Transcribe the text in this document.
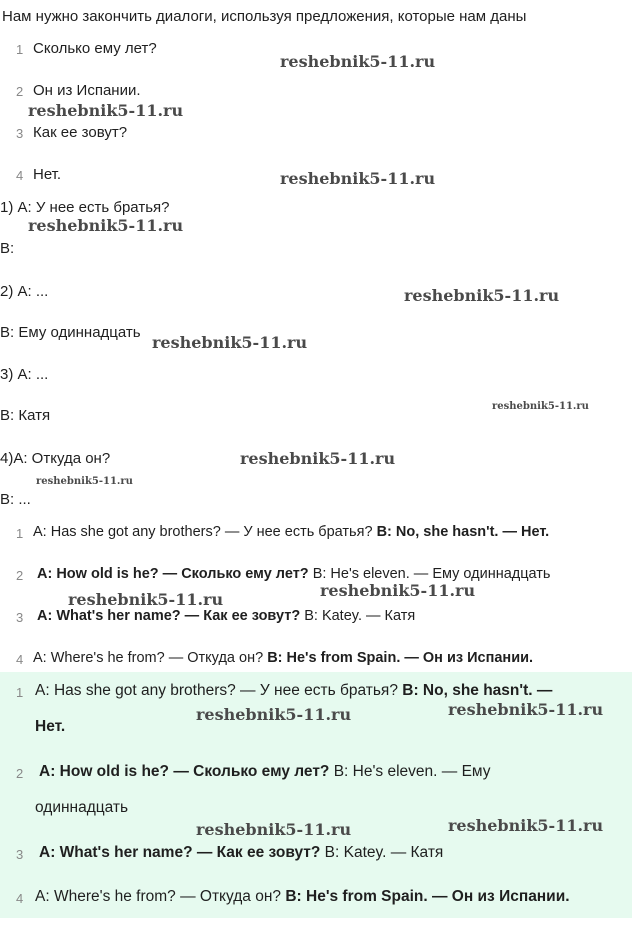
Нам нужно закончить диалоги, используя предложения, которые нам даны
1 Сколько ему лет?
2 Он из Испании.
3 Как ее зовут?
4 Нет.
1) А: У нее есть братья?
В:
2) А: ...
В: Ему одиннадцать
3) А: ...
В: Катя
4)А: Откуда он?
В: ...
1 A: Has she got any brothers? — У нее есть братья? B: No, she hasn't. — Нет.
2 A: How old is he? — Сколько ему лет? B: He's eleven. — Ему одиннадцать
3 A: What's her name? — Как ее зовут? B: Katey. — Катя
4 A: Where's he from? — Откуда он? B: He's from Spain. — Он из Испании.
1 A: Has she got any brothers? — У нее есть братья? B: No, she hasn't. —
Нет.
2	A: How old is he? — Сколько ему лет? B: He's eleven. — Ему
одиннадцать
3	A: What's her name? — Как ее зовут? B: Katey. — Катя
4 A: Where's he from? — Откуда он? B: He's from Spain. — Он из Испании.
reshebnik5-11.ru
reshebnik5-11.ru
reshebnik5-11.ru
reshebnik5-11.ru
reshebnik5-11.ru
reshebnik5-11.ru
reshebnik5-11.ru
reshebnik5-11.ru
reshebnik5-11.ru
reshebnik5-11.ru	reshebnik5-11.ru
reshebnik5-11.ru	reshebnik5-11.ru
reshebnik5-11.ru	reshebnik5-11.ru
